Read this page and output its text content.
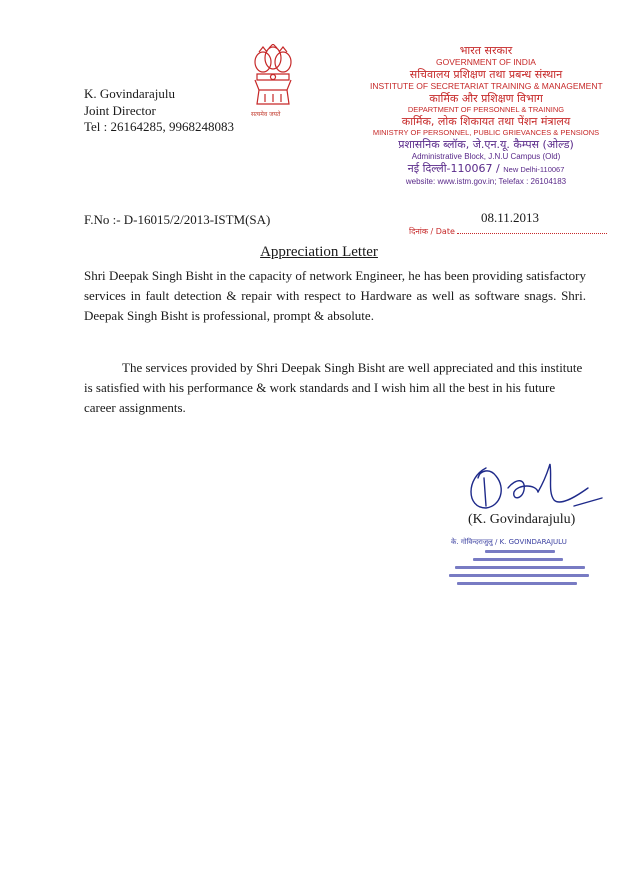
K. Govindarajulu
Joint Director
Tel : 26164285, 9968248083
सत्यमेव जयते
भारत सरकार
GOVERNMENT OF INDIA
सचिवालय प्रशिक्षण तथा प्रबन्ध संस्थान
INSTITUTE OF SECRETARIAT TRAINING & MANAGEMENT
कार्मिक और प्रशिक्षण विभाग
DEPARTMENT OF PERSONNEL & TRAINING
कार्मिक, लोक शिकायत तथा पेंशन मंत्रालय
MINISTRY OF PERSONNEL, PUBLIC GRIEVANCES & PENSIONS
प्रशासनिक ब्लॉक, जे.एन.यू. कैम्पस (ओल्ड)
Administrative Block, J.N.U Campus (Old)
नई दिल्ली-110067 / New Delhi-110067
website: www.istm.gov.in; Telefax : 26104183
F.No :- D-16015/2/2013-ISTM(SA)	08.11.2013
दिनांक / Date
Appreciation Letter
Shri Deepak Singh Bisht in the capacity of network Engineer, he has been providing satisfactory services in fault detection & repair with respect to Hardware as well as software snags. Shri. Deepak Singh Bisht is professional, prompt & absolute.
The services provided by Shri Deepak Singh Bisht are well appreciated and this institute is satisfied with his performance & work standards and I wish him all the best in his future career assignments.
(K. Govindarajulu)
के. गोविन्दराजुलु / K. GOVINDARAJULU
